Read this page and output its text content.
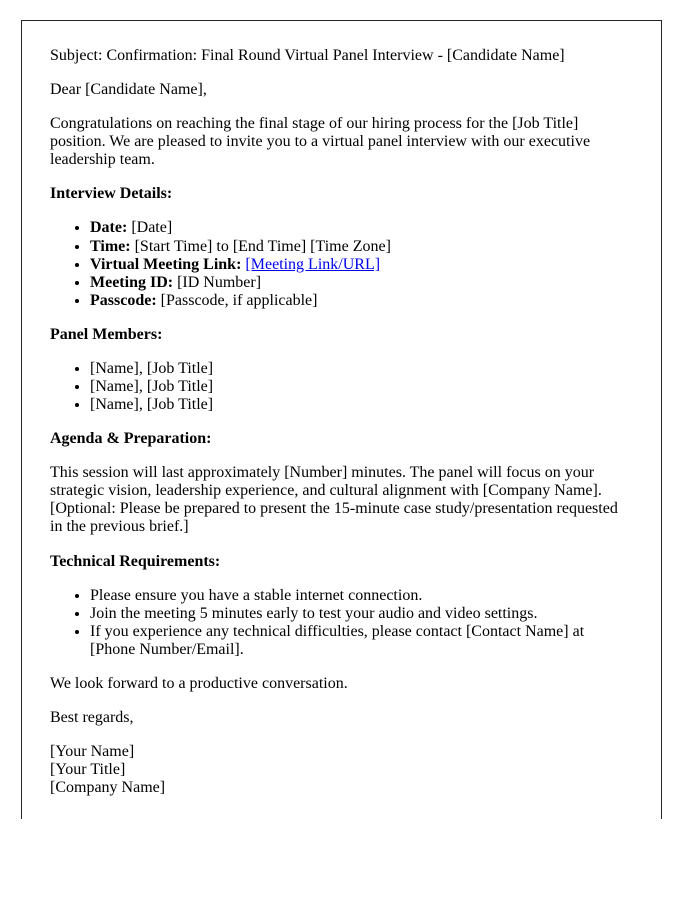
Subject: Confirmation: Final Round Virtual Panel Interview - [Candidate Name]

Dear [Candidate Name],

Congratulations on reaching the final stage of our hiring process for the [Job Title] position. We are pleased to invite you to a virtual panel interview with our executive leadership team.

Interview Details:

• Date: [Date]
• Time: [Start Time] to [End Time] [Time Zone]
• Virtual Meeting Link: [Meeting Link/URL]
• Meeting ID: [ID Number]
• Passcode: [Passcode, if applicable]

Panel Members:

• [Name], [Job Title]
• [Name], [Job Title]
• [Name], [Job Title]

Agenda & Preparation:

This session will last approximately [Number] minutes. The panel will focus on your strategic vision, leadership experience, and cultural alignment with [Company Name]. [Optional: Please be prepared to present the 15-minute case study/presentation requested in the previous brief.]

Technical Requirements:

• Please ensure you have a stable internet connection.
• Join the meeting 5 minutes early to test your audio and video settings.
• If you experience any technical difficulties, please contact [Contact Name] at [Phone Number/Email].

We look forward to a productive conversation.

Best regards,

[Your Name]
[Your Title]
[Company Name]
